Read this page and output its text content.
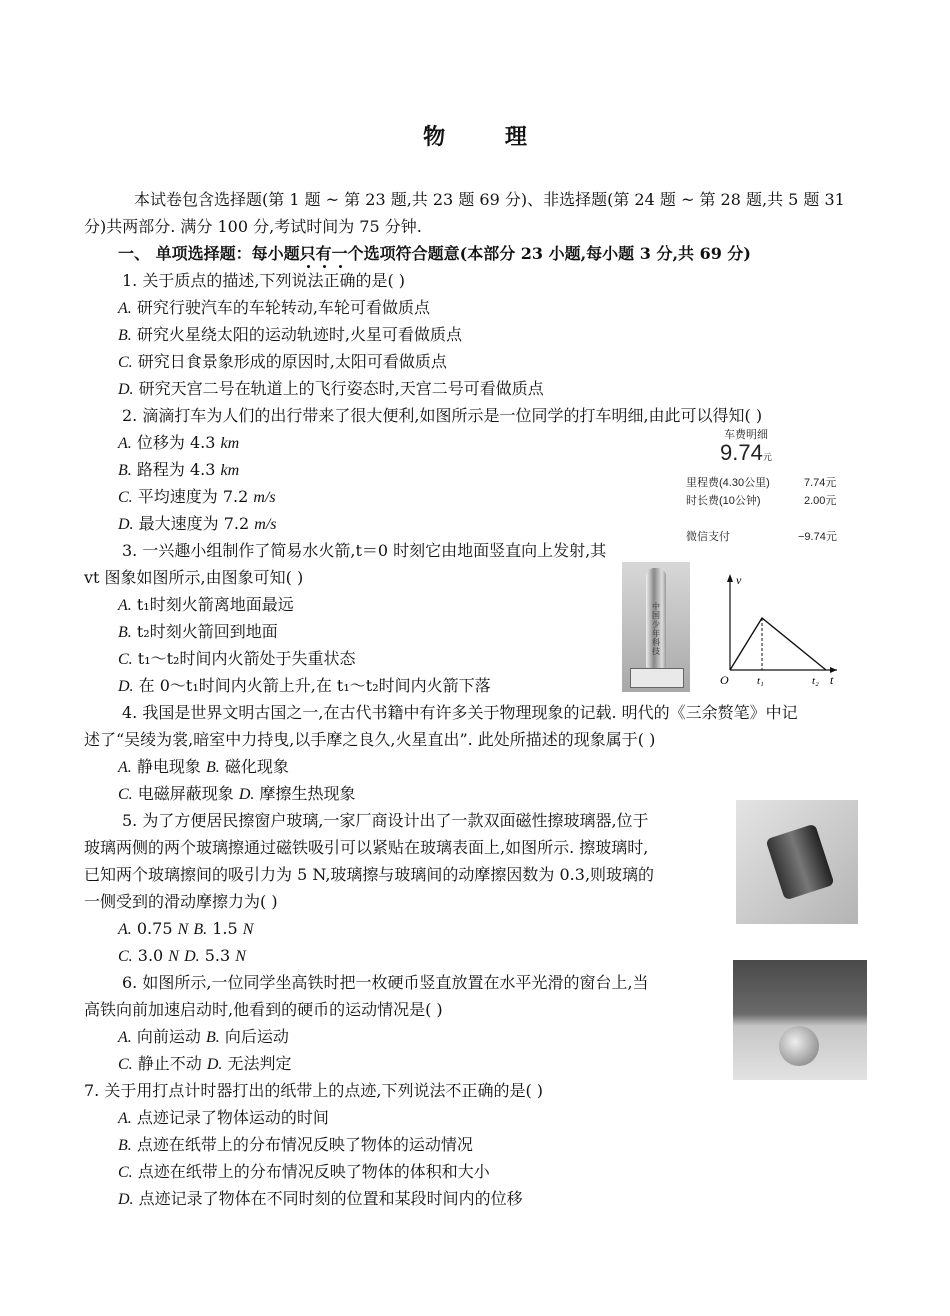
物 理
本试卷包含选择题(第 1 题 ~ 第 23 题,共 23 题 69 分)、非选择题(第 24 题 ~ 第 28 题,共 5 题 31
分)共两部分. 满分 100 分,考试时间为 75 分钟.
一、 单项选择题：每小题只有一个选项符合题意(本部分 23 小题,每小题 3 分,共 69 分)
1. 关于质点的描述,下列说法正确的是( )
A. 研究行驶汽车的车轮转动,车轮可看做质点
B. 研究火星绕太阳的运动轨迹时,火星可看做质点
C. 研究日食景象形成的原因时,太阳可看做质点
D. 研究天宫二号在轨道上的飞行姿态时,天宫二号可看做质点
2. 滴滴打车为人们的出行带来了很大便利,如图所示是一位同学的打车明细,由此可以得知( )
A. 位移为 4.3 km
B. 路程为 4.3 km
C. 平均速度为 7.2 m/s
D. 最大速度为 7.2 m/s
车费明细
9.74元
里程费(4.30公里)	7.74元
时长费(10公钟)	2.00元
微信支付	−9.74元
3. 一兴趣小组制作了简易水火箭,t＝0 时刻它由地面竖直向上发射,其
vt 图象如图所示,由图象可知( )
A. t₁时刻火箭离地面最远
B. t₂时刻火箭回到地面
C. t₁～t₂时间内火箭处于失重状态
D. 在 0～t₁时间内火箭上升,在 t₁～t₂时间内火箭下落
中国少年科技
v
t
O	t₁	t₂
4. 我国是世界文明古国之一,在古代书籍中有许多关于物理现象的记载. 明代的《三余赘笔》中记
述了“吴绫为裳,暗室中力持曳,以手摩之良久,火星直出”. 此处所描述的现象属于( )
A. 静电现象 B. 磁化现象
C. 电磁屏蔽现象 D. 摩擦生热现象
5. 为了方便居民擦窗户玻璃,一家厂商设计出了一款双面磁性擦玻璃器,位于
玻璃两侧的两个玻璃擦通过磁铁吸引可以紧贴在玻璃表面上,如图所示. 擦玻璃时,
已知两个玻璃擦间的吸引力为 5 N,玻璃擦与玻璃间的动摩擦因数为 0.3,则玻璃的
一侧受到的滑动摩擦力为( )
A. 0.75 N B. 1.5 N
C. 3.0 N D. 5.3 N
6. 如图所示,一位同学坐高铁时把一枚硬币竖直放置在水平光滑的窗台上,当
高铁向前加速启动时,他看到的硬币的运动情况是( )
A. 向前运动 B. 向后运动
C. 静止不动 D. 无法判定
7. 关于用打点计时器打出的纸带上的点迹,下列说法不正确的是( )
A. 点迹记录了物体运动的时间
B. 点迹在纸带上的分布情况反映了物体的运动情况
C. 点迹在纸带上的分布情况反映了物体的体积和大小
D. 点迹记录了物体在不同时刻的位置和某段时间内的位移
